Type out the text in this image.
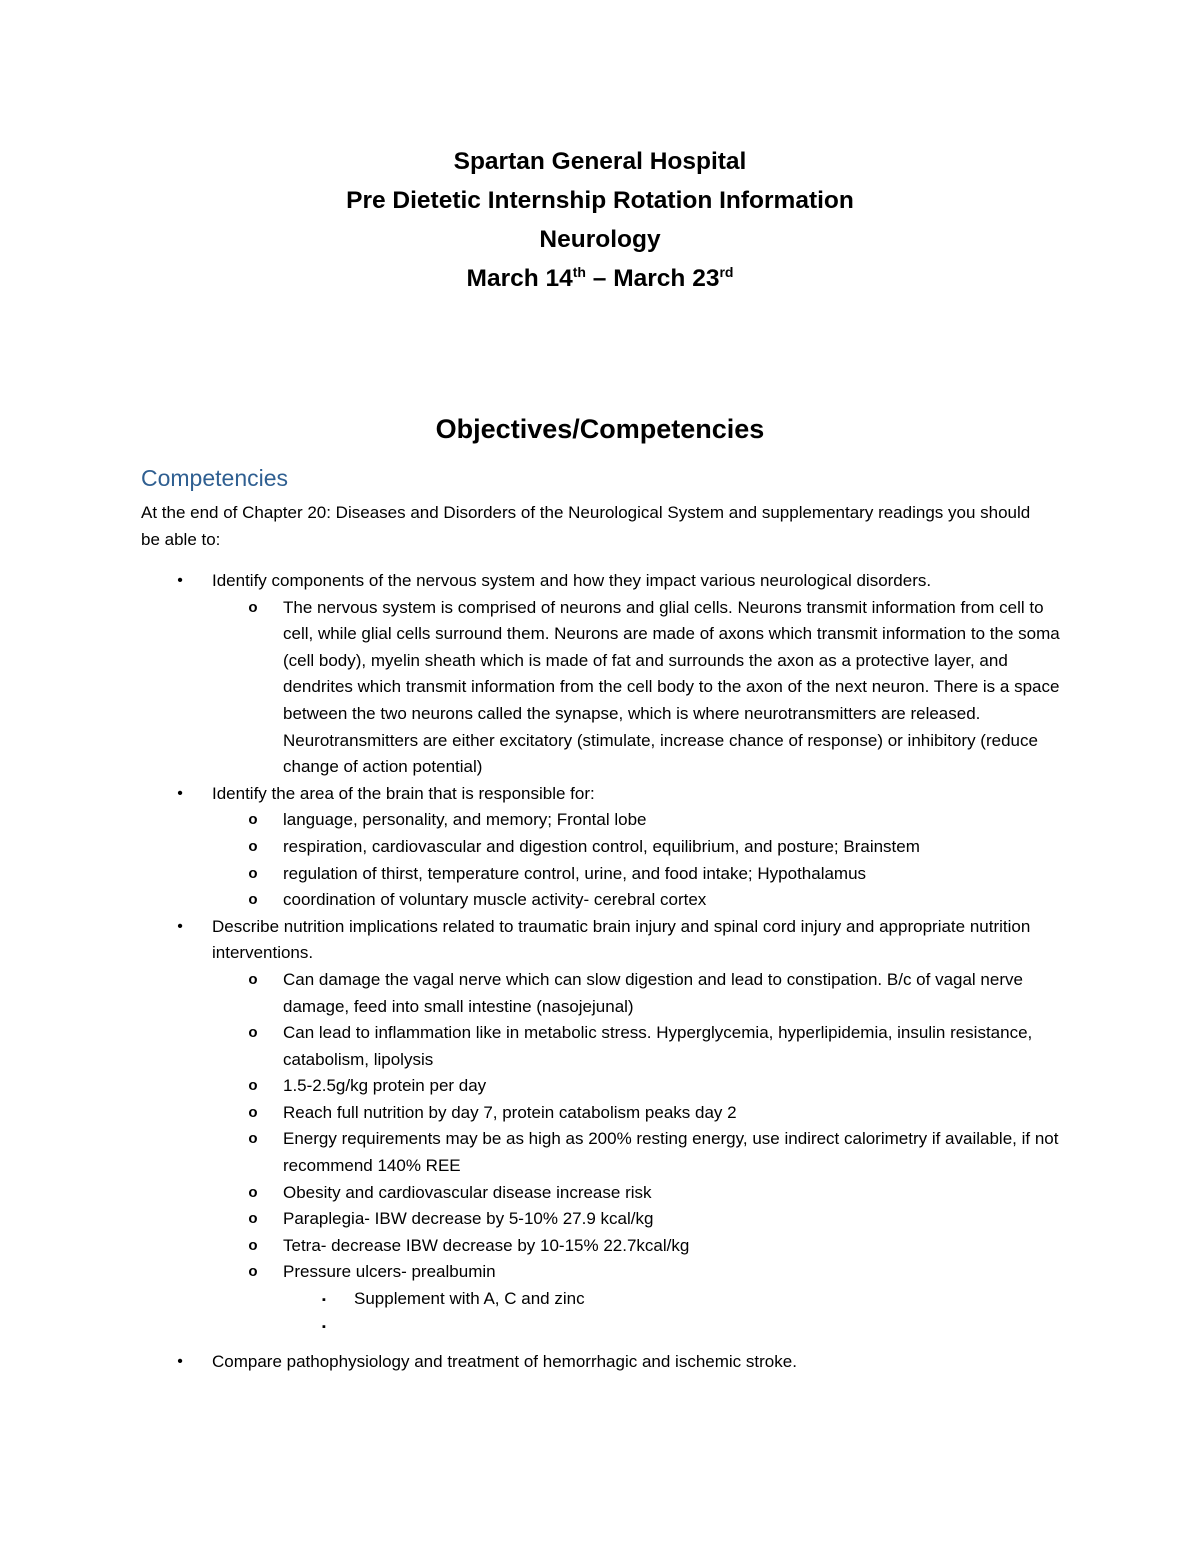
Spartan General Hospital
Pre Dietetic Internship Rotation Information
Neurology
March 14th – March 23rd
Objectives/Competencies
Competencies
At the end of Chapter 20: Diseases and Disorders of the Neurological System and supplementary readings you should be able to:
•	Identify components of the nervous system and how they impact various neurological disorders.
o The nervous system is comprised of neurons and glial cells. Neurons transmit information from cell to cell, while glial cells surround them. Neurons are made of axons which transmit information to the soma (cell body), myelin sheath which is made of fat and surrounds the axon as a protective layer, and dendrites which transmit information from the cell body to the axon of the next neuron. There is a space between the two neurons called the synapse, which is where neurotransmitters are released. Neurotransmitters are either excitatory (stimulate, increase chance of response) or inhibitory (reduce change of action potential)
•	Identify the area of the brain that is responsible for:
o language, personality, and memory; Frontal lobe
o respiration, cardiovascular and digestion control, equilibrium, and posture; Brainstem
o regulation of thirst, temperature control, urine, and food intake; Hypothalamus
o coordination of voluntary muscle activity- cerebral cortex
•	Describe nutrition implications related to traumatic brain injury and spinal cord injury and appropriate nutrition interventions.
o Can damage the vagal nerve which can slow digestion and lead to constipation. B/c of vagal nerve damage, feed into small intestine (nasojejunal)
o Can lead to inflammation like in metabolic stress. Hyperglycemia, hyperlipidemia, insulin resistance, catabolism, lipolysis
o 1.5-2.5g/kg protein per day
o Reach full nutrition by day 7, protein catabolism peaks day 2
o Energy requirements may be as high as 200% resting energy, use indirect calorimetry if available, if not recommend 140% REE
o Obesity and cardiovascular disease increase risk
o Paraplegia- IBW decrease by 5-10% 27.9 kcal/kg
o Tetra- decrease IBW decrease by 10-15% 22.7kcal/kg
o Pressure ulcers- prealbumin
▪	Supplement with A, C and zinc
▪

•	Compare pathophysiology and treatment of hemorrhagic and ischemic stroke.
